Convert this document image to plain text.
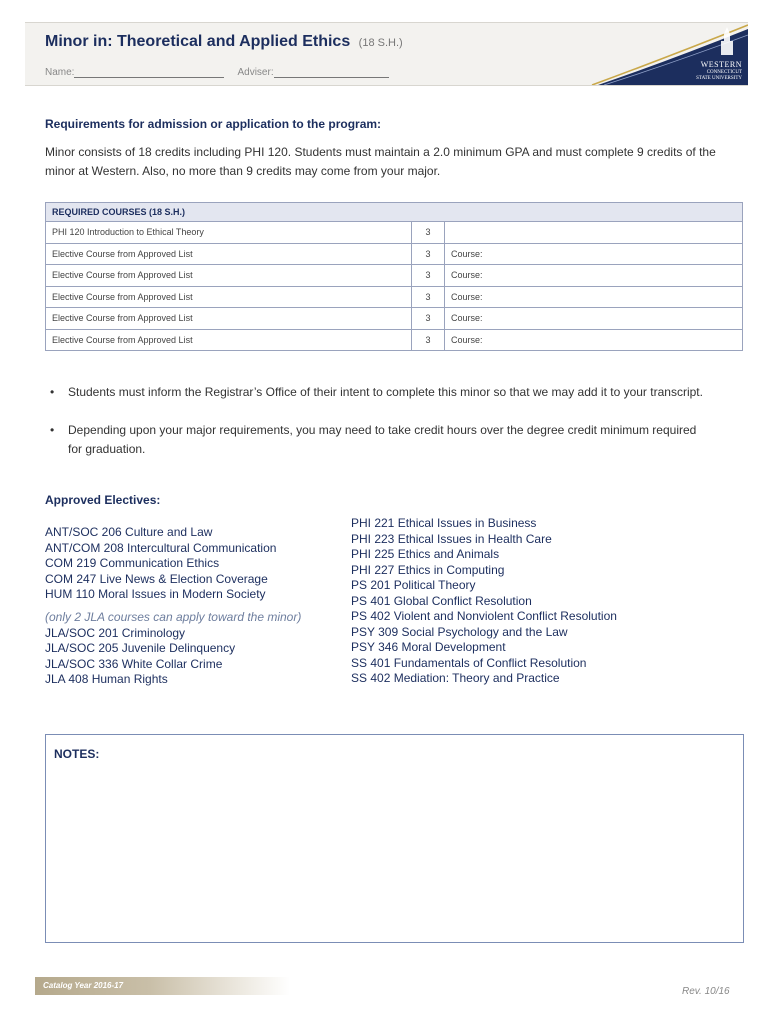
Minor in: Theoretical and Applied Ethics (18 S.H.)
Name:	Adviser:
WESTERN
CONNECTICUT
STATE UNIVERSITY
Requirements for admission or application to the program:
Minor consists of 18 credits including PHI 120. Students must maintain a 2.0 minimum GPA and must complete 9 credits of the minor at Western. Also, no more than 9 credits may come from your major.
REQUIRED COURSES (18 S.H.)		
PHI 120 Introduction to Ethical Theory	3	
Elective Course from Approved List	3	Course:
Elective Course from Approved List	3	Course:
Elective Course from Approved List	3	Course:
Elective Course from Approved List	3	Course:
Elective Course from Approved List	3	Course:
• Students must inform the Registrar’s Office of their intent to complete this minor so that we may add it to your transcript.
• Depending upon your major requirements, you may need to take credit hours over the degree credit minimum required for graduation.
Approved Electives:
ANT/SOC 206 Culture and Law
ANT/COM 208 Intercultural Communication
COM 219 Communication Ethics
COM 247 Live News & Election Coverage
HUM 110 Moral Issues in Modern Society
(only 2 JLA courses can apply toward the minor)
JLA/SOC 201 Criminology
JLA/SOC 205 Juvenile Delinquency
JLA/SOC 336 White Collar Crime
JLA 408 Human Rights
PHI 221 Ethical Issues in Business
PHI 223 Ethical Issues in Health Care
PHI 225 Ethics and Animals
PHI 227 Ethics in Computing
PS 201 Political Theory
PS 401 Global Conflict Resolution
PS 402 Violent and Nonviolent Conflict Resolution
PSY 309 Social Psychology and the Law
PSY 346 Moral Development
SS 401 Fundamentals of Conflict Resolution
SS 402 Mediation: Theory and Practice
NOTES:
Catalog Year 2016-17
Rev. 10/16
